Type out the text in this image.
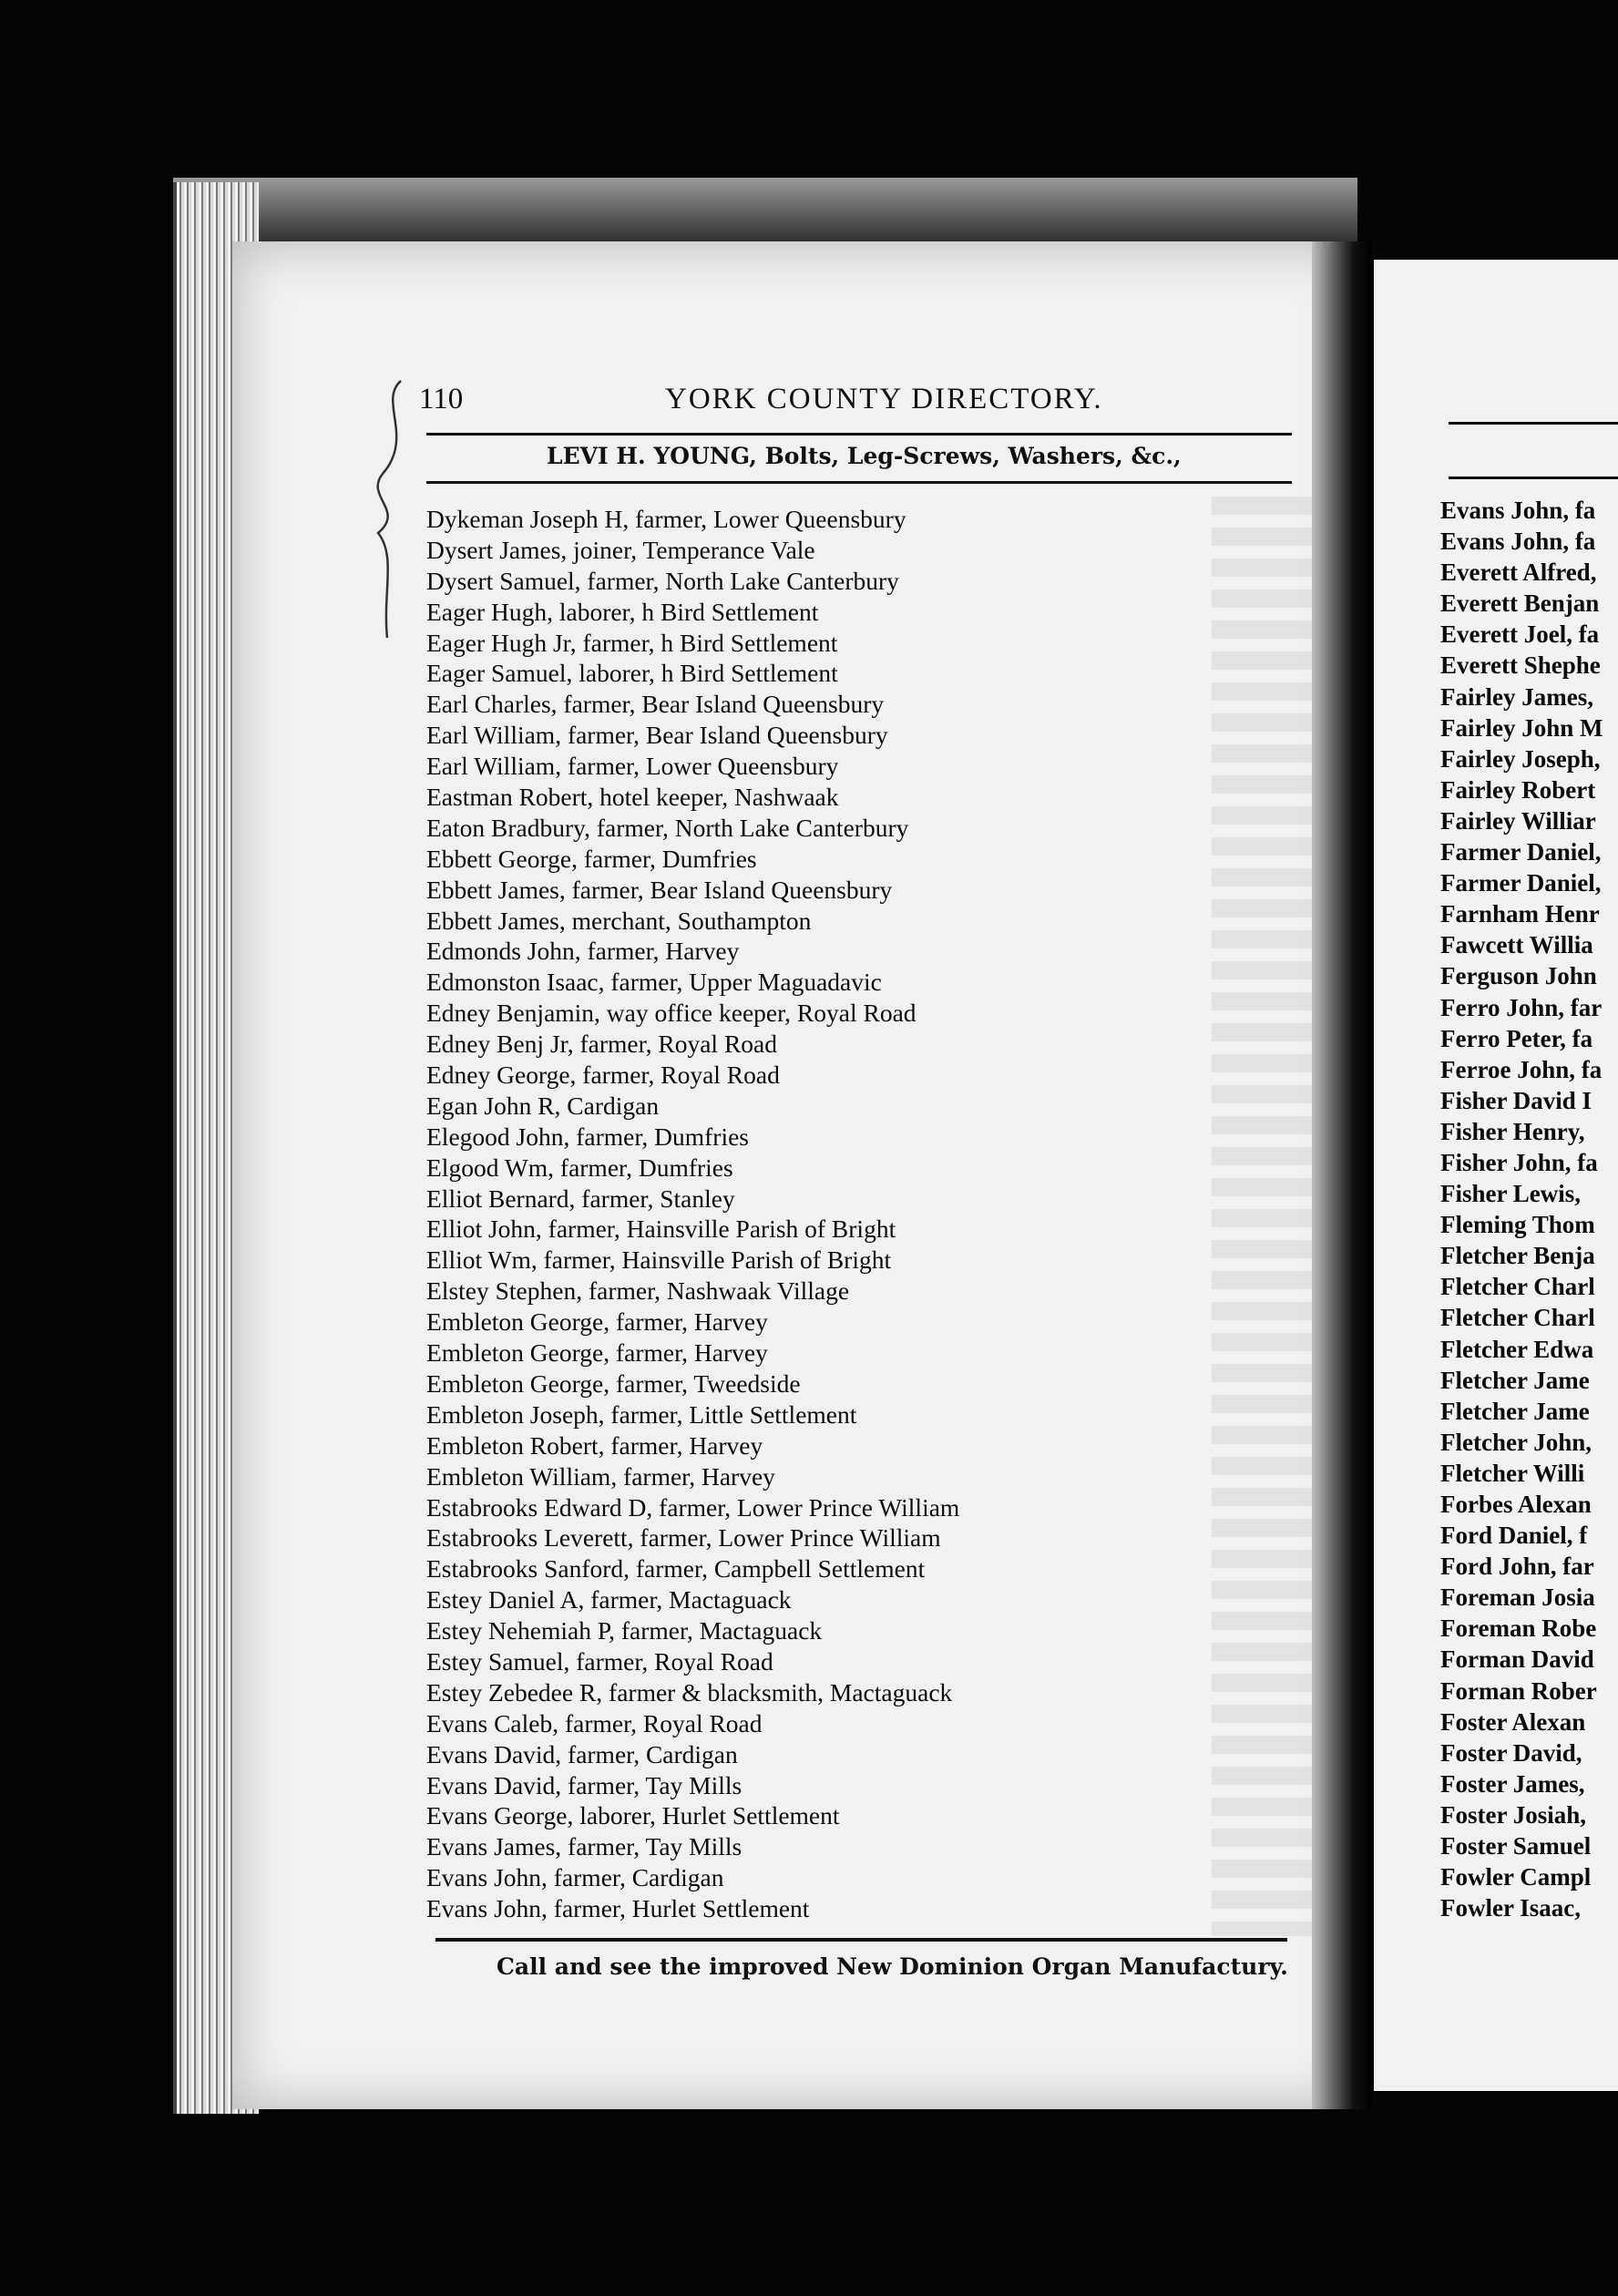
110	YORK COUNTY DIRECTORY.
LEVI H. YOUNG, Bolts, Leg-Screws, Washers, &c.,
Dykeman Joseph H, farmer, Lower Queensbury
Dysert James, joiner, Temperance Vale
Dysert Samuel, farmer, North Lake Canterbury
Eager Hugh, laborer, h Bird Settlement
Eager Hugh Jr, farmer, h Bird Settlement
Eager Samuel, laborer, h Bird Settlement
Earl Charles, farmer, Bear Island Queensbury
Earl William, farmer, Bear Island Queensbury
Earl William, farmer, Lower Queensbury
Eastman Robert, hotel keeper, Nashwaak
Eaton Bradbury, farmer, North Lake Canterbury
Ebbett George, farmer, Dumfries
Ebbett James, farmer, Bear Island Queensbury
Ebbett James, merchant, Southampton
Edmonds John, farmer, Harvey
Edmonston Isaac, farmer, Upper Maguadavic
Edney Benjamin, way office keeper, Royal Road
Edney Benj Jr, farmer, Royal Road
Edney George, farmer, Royal Road
Egan John R, Cardigan
Elegood John, farmer, Dumfries
Elgood Wm, farmer, Dumfries
Elliot Bernard, farmer, Stanley
Elliot John, farmer, Hainsville Parish of Bright
Elliot Wm, farmer, Hainsville Parish of Bright
Elstey Stephen, farmer, Nashwaak Village
Embleton George, farmer, Harvey
Embleton George, farmer, Harvey
Embleton George, farmer, Tweedside
Embleton Joseph, farmer, Little Settlement
Embleton Robert, farmer, Harvey
Embleton William, farmer, Harvey
Estabrooks Edward D, farmer, Lower Prince William
Estabrooks Leverett, farmer, Lower Prince William
Estabrooks Sanford, farmer, Campbell Settlement
Estey Daniel A, farmer, Mactaguack
Estey Nehemiah P, farmer, Mactaguack
Estey Samuel, farmer, Royal Road
Estey Zebedee R, farmer & blacksmith, Mactaguack
Evans Caleb, farmer, Royal Road
Evans David, farmer, Cardigan
Evans David, farmer, Tay Mills
Evans George, laborer, Hurlet Settlement
Evans James, farmer, Tay Mills
Evans John, farmer, Cardigan
Evans John, farmer, Hurlet Settlement
Call and see the improved New Dominion Organ Manufactury.
Evans John, fa
Evans John, fa
Everett Alfred,
Everett Benjan
Everett Joel, fa
Everett Shephe
Fairley James,
Fairley John M
Fairley Joseph,
Fairley Robert
Fairley Williar
Farmer Daniel,
Farmer Daniel,
Farnham Henr
Fawcett Willia
Ferguson John
Ferro John, far
Ferro Peter, fa
Ferroe John, fa
Fisher David I
Fisher Henry,
Fisher John, fa
Fisher Lewis,
Fleming Thom
Fletcher Benja
Fletcher Charl
Fletcher Charl
Fletcher Edwa
Fletcher Jame
Fletcher Jame
Fletcher John,
Fletcher Willi
Forbes Alexan
Ford Daniel, f
Ford John, far
Foreman Josia
Foreman Robe
Forman David
Forman Rober
Foster Alexan
Foster David,
Foster James,
Foster Josiah,
Foster Samuel
Fowler Campl
Fowler Isaac,
